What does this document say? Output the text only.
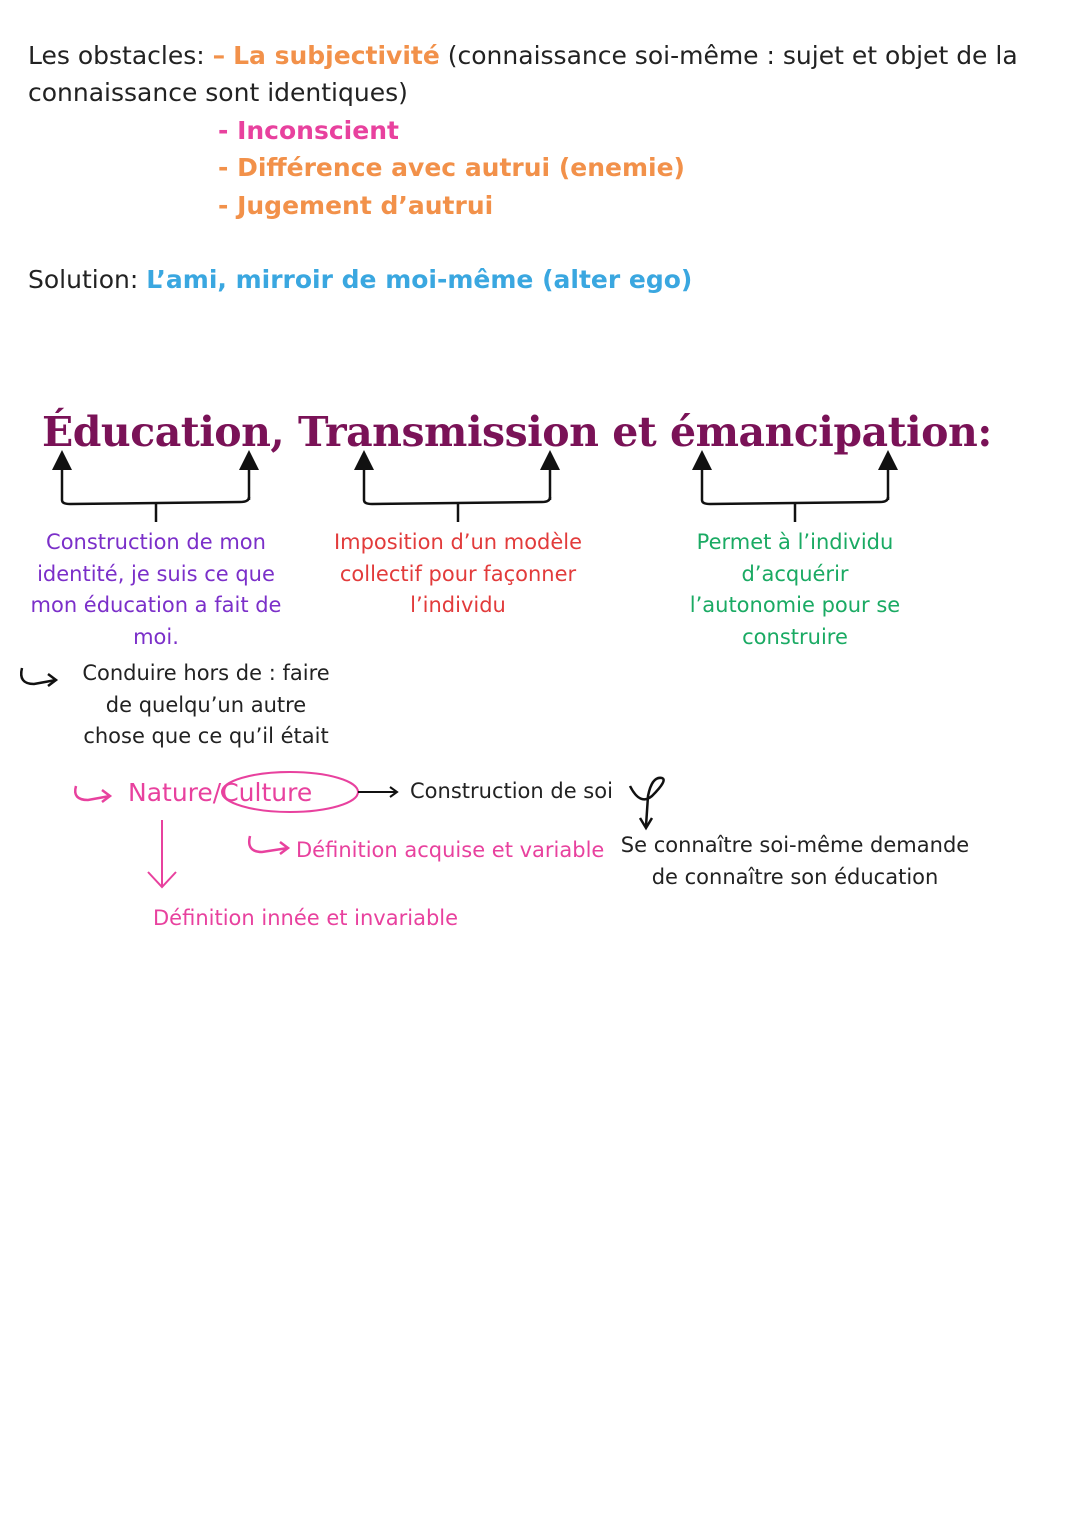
Les obstacles: – La subjectivité (connaissance soi-même : sujet et objet de la
connaissance sont identiques)
- Inconscient
- Différence avec autrui (enemie)
- Jugement d’autrui
Solution: L’ami, mirroir de moi-même (alter ego)
Éducation, Transmission et émancipation:
Construction de mon
identité, je suis ce que
mon éducation a fait de
moi.
Imposition d’un modèle
collectif pour façonner
l’individu
Permet à l’individu
d’acquérir
l’autonomie pour se
construire
Conduire hors de : faire
de quelqu’un autre
chose que ce qu’il était
Nature/Culture	Construction de soi
Définition acquise et variable Se connaître soi-même demande
de connaître son éducation
Définition innée et invariable
